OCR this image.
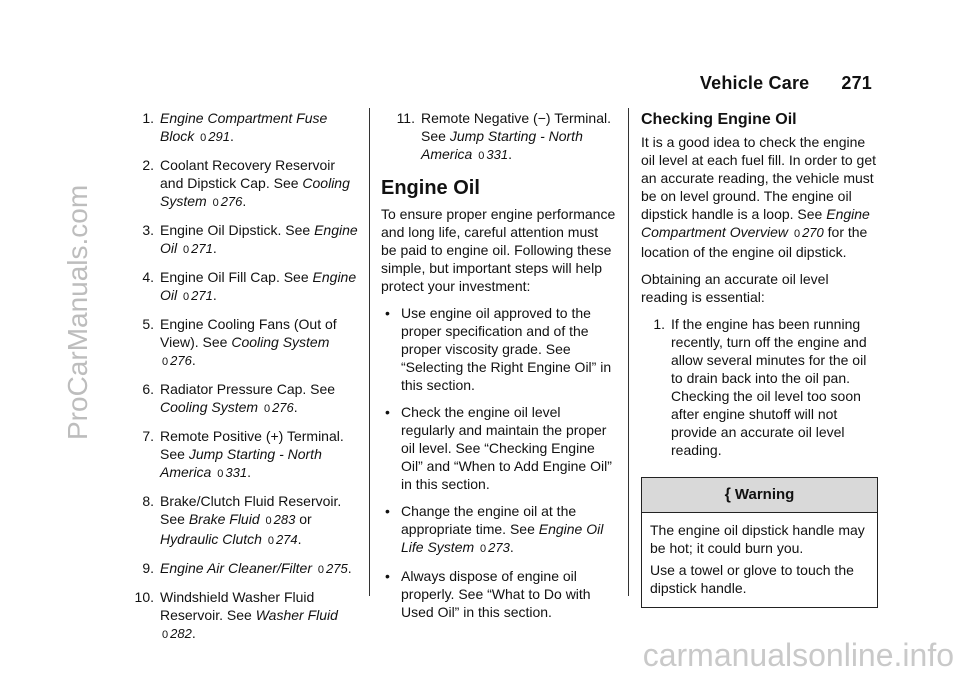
Vehicle Care 271
ProCarManuals.com
carmanualsonline.info
1. Engine Compartment Fuse Block 0 291.
2. Coolant Recovery Reservoir and Dipstick Cap. See Cooling System 0 276.
3. Engine Oil Dipstick. See Engine Oil 0 271.
4. Engine Oil Fill Cap. See Engine Oil 0 271.
5. Engine Cooling Fans (Out of View). See Cooling System 0 276.
6. Radiator Pressure Cap. See Cooling System 0 276.
7. Remote Positive (+) Terminal. See Jump Starting - North America 0 331.
8. Brake/Clutch Fluid Reservoir. See Brake Fluid 0 283 or Hydraulic Clutch 0 274.
9. Engine Air Cleaner/Filter 0 275.
10. Windshield Washer Fluid Reservoir. See Washer Fluid 0 282.
11. Remote Negative (−) Terminal. See Jump Starting - North America 0 331.
Engine Oil

To ensure proper engine performance and long life, careful attention must be paid to engine oil. Following these simple, but important steps will help protect your investment:

• Use engine oil approved to the proper specification and of the proper viscosity grade. See “Selecting the Right Engine Oil” in this section.
• Check the engine oil level regularly and maintain the proper oil level. See “Checking Engine Oil” and “When to Add Engine Oil” in this section.
• Change the engine oil at the appropriate time. See Engine Oil Life System 0 273.
• Always dispose of engine oil properly. See “What to Do with Used Oil” in this section.
Checking Engine Oil

It is a good idea to check the engine oil level at each fuel fill. In order to get an accurate reading, the vehicle must be on level ground. The engine oil dipstick handle is a loop. See Engine Compartment Overview 0 270 for the location of the engine oil dipstick.

Obtaining an accurate oil level reading is essential:

1. If the engine has been running recently, turn off the engine and allow several minutes for the oil to drain back into the oil pan. Checking the oil level too soon after engine shutoff will not provide an accurate oil level reading.
{ Warning

The engine oil dipstick handle may be hot; it could burn you.

Use a towel or glove to touch the dipstick handle.
